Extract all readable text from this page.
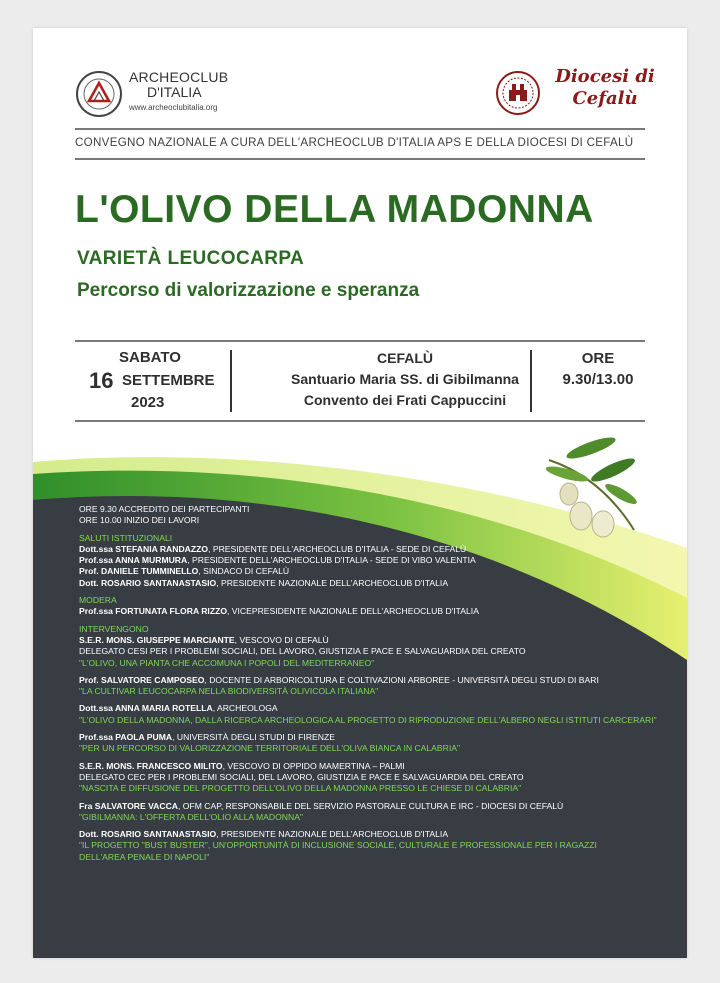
ARCHEOCLUB
D'ITALIA
www.archeoclubitalia.org
Diocesi di
Cefalù
CONVEGNO NAZIONALE A CURA DELL'ARCHEOCLUB D'ITALIA APS E DELLA DIOCESI DI CEFALÙ
L'OLIVO DELLA MADONNA
VARIETÀ LEUCOCARPA
Percorso di valorizzazione e speranza
SABATO
16 SETTEMBRE
2023
CEFALÙ
Santuario Maria SS. di Gibilmanna
Convento dei Frati Cappuccini
ORE
9.30/13.00
ORE 9.30 ACCREDITO DEI PARTECIPANTI
ORE 10.00 INIZIO DEI LAVORI
SALUTI ISTITUZIONALI
Dott.ssa STEFANIA RANDAZZO, PRESIDENTE DELL'ARCHEOCLUB D'ITALIA - SEDE DI CEFALÙ
Prof.ssa ANNA MURMURA, PRESIDENTE DELL'ARCHEOCLUB D'ITALIA - SEDE DI VIBO VALENTIA
Prof. DANIELE TUMMINELLO, SINDACO DI CEFALÙ
Dott. ROSARIO SANTANASTASIO, PRESIDENTE NAZIONALE DELL'ARCHEOCLUB D'ITALIA
MODERA
Prof.ssa FORTUNATA FLORA RIZZO, VICEPRESIDENTE NAZIONALE DELL'ARCHEOCLUB D'ITALIA
INTERVENGONO
S.E.R. MONS. GIUSEPPE MARCIANTE, VESCOVO DI CEFALÙ
DELEGATO CESI PER I PROBLEMI SOCIALI, DEL LAVORO, GIUSTIZIA E PACE E SALVAGUARDIA DEL CREATO
"L'OLIVO, UNA PIANTA CHE ACCOMUNA I POPOLI DEL MEDITERRANEO"
Prof. SALVATORE CAMPOSEO, DOCENTE DI ARBORICOLTURA E COLTIVAZIONI ARBOREE - UNIVERSITÀ DEGLI STUDI DI BARI
"LA CULTIVAR LEUCOCARPA NELLA BIODIVERSITÀ OLIVICOLA ITALIANA"
Dott.ssa ANNA MARIA ROTELLA, ARCHEOLOGA
"L'OLIVO DELLA MADONNA, DALLA RICERCA ARCHEOLOGICA AL PROGETTO DI RIPRODUZIONE DELL'ALBERO NEGLI ISTITUTI CARCERARI"
Prof.ssa PAOLA PUMA, UNIVERSITÀ DEGLI STUDI DI FIRENZE
"PER UN PERCORSO DI VALORIZZAZIONE TERRITORIALE DELL'OLIVA BIANCA IN CALABRIA"
S.E.R. MONS. FRANCESCO MILITO, VESCOVO DI OPPIDO MAMERTINA – PALMI
DELEGATO CEC PER I PROBLEMI SOCIALI, DEL LAVORO, GIUSTIZIA E PACE E SALVAGUARDIA DEL CREATO
"NASCITA E DIFFUSIONE DEL PROGETTO DELL'OLIVO DELLA MADONNA PRESSO LE CHIESE DI CALABRIA"
Fra SALVATORE VACCA, OFM CAP, RESPONSABILE DEL SERVIZIO PASTORALE CULTURA E IRC - DIOCESI DI CEFALÙ
"GIBILMANNA: L'OFFERTA DELL'OLIO ALLA MADONNA"
Dott. ROSARIO SANTANASTASIO, PRESIDENTE NAZIONALE DELL'ARCHEOCLUB D'ITALIA
"IL PROGETTO "BUST BUSTER", UN'OPPORTUNITÀ DI INCLUSIONE SOCIALE, CULTURALE E PROFESSIONALE PER I RAGAZZI
DELL'AREA PENALE DI NAPOLI"
